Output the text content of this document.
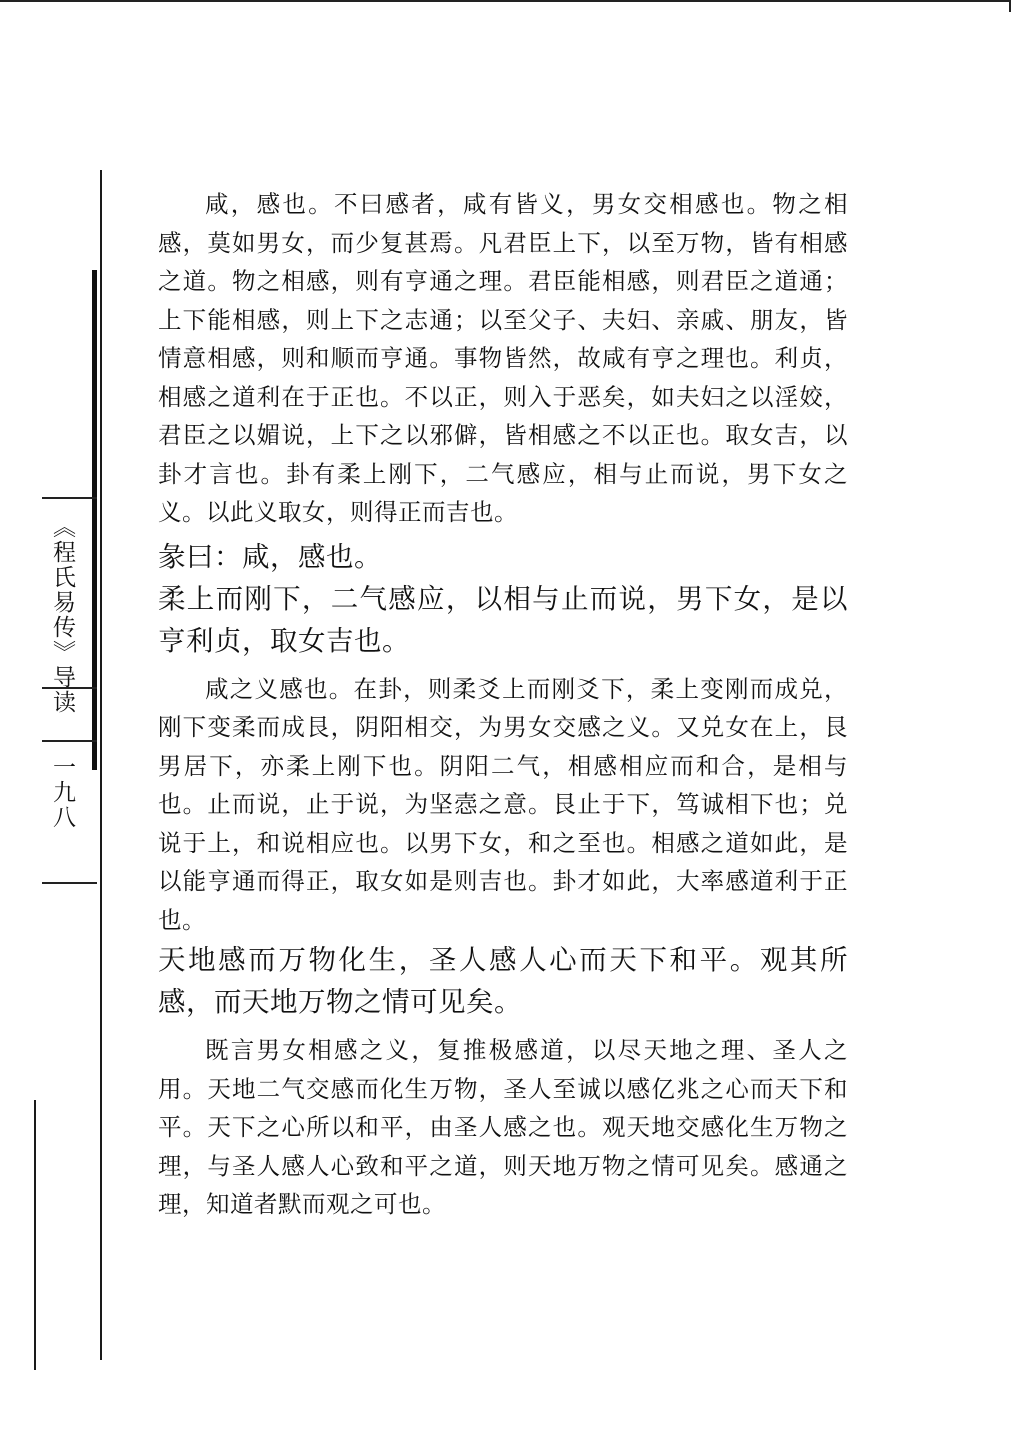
《程氏易传》导读
一九八

咸，感也。不曰感者，咸有皆义，男女交相感也。物之相感，莫如男女，而少复甚焉。凡君臣上下，以至万物，皆有相感之道。物之相感，则有亨通之理。君臣能相感，则君臣之道通；上下能相感，则上下之志通；以至父子、夫妇、亲戚、朋友，皆情意相感，则和顺而亨通。事物皆然，故咸有亨之理也。利贞，相感之道利在于正也。不以正，则入于恶矣，如夫妇之以淫姣，君臣之以媚说，上下之以邪僻，皆相感之不以正也。取女吉，以卦才言也。卦有柔上刚下，二气感应，相与止而说，男下女之义。以此义取女，则得正而吉也。

彖曰：咸，感也。

柔上而刚下，二气感应，以相与止而说，男下女，是以亨利贞，取女吉也。

咸之义感也。在卦，则柔爻上而刚爻下，柔上变刚而成兑，刚下变柔而成艮，阴阳相交，为男女交感之义。又兑女在上，艮男居下，亦柔上刚下也。阴阳二气，相感相应而和合，是相与也。止而说，止于说，为坚悫之意。艮止于下，笃诚相下也；兑说于上，和说相应也。以男下女，和之至也。相感之道如此，是以能亨通而得正，取女如是则吉也。卦才如此，大率感道利于正也。

天地感而万物化生，圣人感人心而天下和平。观其所感，而天地万物之情可见矣。

既言男女相感之义，复推极感道，以尽天地之理、圣人之用。天地二气交感而化生万物，圣人至诚以感亿兆之心而天下和平。天下之心所以和平，由圣人感之也。观天地交感化生万物之理，与圣人感人心致和平之道，则天地万物之情可见矣。感通之理，知道者默而观之可也。
